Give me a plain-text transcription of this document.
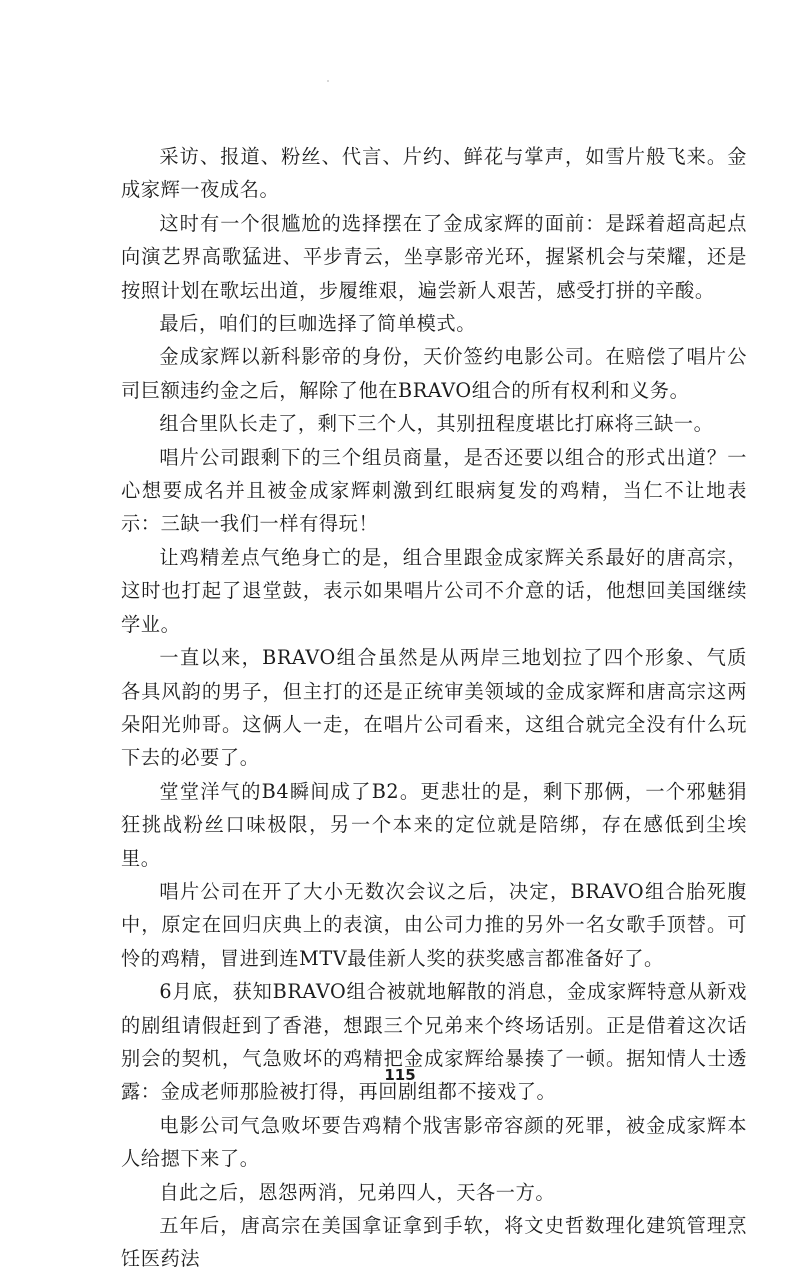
采访、报道、粉丝、代言、片约、鲜花与掌声，如雪片般飞来。金成家辉一夜成名。

这时有一个很尴尬的选择摆在了金成家辉的面前：是踩着超高起点向演艺界高歌猛进、平步青云，坐享影帝光环，握紧机会与荣耀，还是按照计划在歌坛出道，步履维艰，遍尝新人艰苦，感受打拼的辛酸。

最后，咱们的巨咖选择了简单模式。

金成家辉以新科影帝的身份，天价签约电影公司。在赔偿了唱片公司巨额违约金之后，解除了他在BRAVO组合的所有权利和义务。

组合里队长走了，剩下三个人，其别扭程度堪比打麻将三缺一。

唱片公司跟剩下的三个组员商量，是否还要以组合的形式出道？一心想要成名并且被金成家辉刺激到红眼病复发的鸡精，当仁不让地表示：三缺一我们一样有得玩！

让鸡精差点气绝身亡的是，组合里跟金成家辉关系最好的唐高宗，这时也打起了退堂鼓，表示如果唱片公司不介意的话，他想回美国继续学业。

一直以来，BRAVO组合虽然是从两岸三地划拉了四个形象、气质各具风韵的男子，但主打的还是正统审美领域的金成家辉和唐高宗这两朵阳光帅哥。这俩人一走，在唱片公司看来，这组合就完全没有什么玩下去的必要了。

堂堂洋气的B4瞬间成了B2。更悲壮的是，剩下那俩，一个邪魅狷狂挑战粉丝口味极限，另一个本来的定位就是陪绑，存在感低到尘埃里。

唱片公司在开了大小无数次会议之后，决定，BRAVO组合胎死腹中，原定在回归庆典上的表演，由公司力推的另外一名女歌手顶替。可怜的鸡精，冒进到连MTV最佳新人奖的获奖感言都准备好了。

6月底，获知BRAVO组合被就地解散的消息，金成家辉特意从新戏的剧组请假赶到了香港，想跟三个兄弟来个终场话别。正是借着这次话别会的契机，气急败坏的鸡精把金成家辉给暴揍了一顿。据知情人士透露：金成老师那脸被打得，再回剧组都不接戏了。

电影公司气急败坏要告鸡精个戕害影帝容颜的死罪，被金成家辉本人给摁下来了。

自此之后，恩怨两消，兄弟四人，天各一方。

五年后，唐高宗在美国拿证拿到手软，将文史哲数理化建筑管理烹饪医药法

115
